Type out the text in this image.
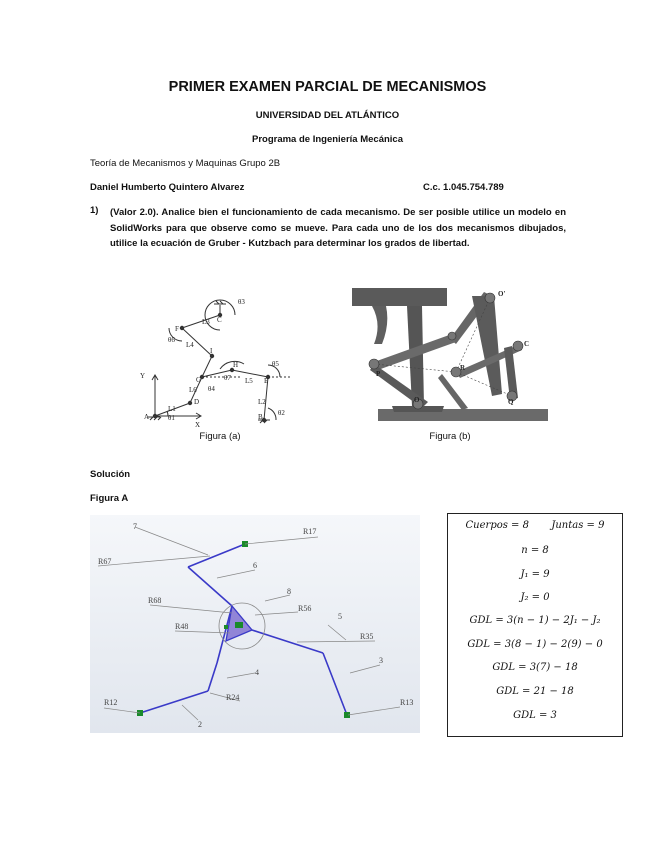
PRIMER EXAMEN PARCIAL DE MECANISMOS
UNIVERSIDAD DEL ATLÁNTICO
Programa de Ingeniería Mecánica
Teoría de Mecanismos y Maquinas Grupo 2B
Daniel Humberto Quintero Alvarez	C.c. 1.045.754.789
1) (Valor 2.0). Analice bien el funcionamiento de cada mecanismo. De ser posible utilice un modelo en SolidWorks para que observe como se mueve. Para cada uno de los dos mecanismos dibujados, utilice la ecuación de Gruber - Kutzbach para determinar los grados de libertad.
A	B
C
D
E
F
G
H
I
L1
L2
L3
L4
L5
L6
θ1
θ2
θ3
θ4
θ5
θ6
θ7
Y
X
P
O
O'
R
Q
C
Figura (a)	Figura (b)
Solución
Figura A
7
R17
R67	6
8
R68
R56
5
R48
R35
3
4
R24
R12
2
R13
Cuerpos = 8 Juntas = 9
n = 8
J₁ = 9
J₂ = 0
GDL = 3(n − 1) − 2J₁ − J₂
GDL = 3(8 − 1) − 2(9) − 0
GDL = 3(7) − 18
GDL = 21 − 18
GDL = 3
